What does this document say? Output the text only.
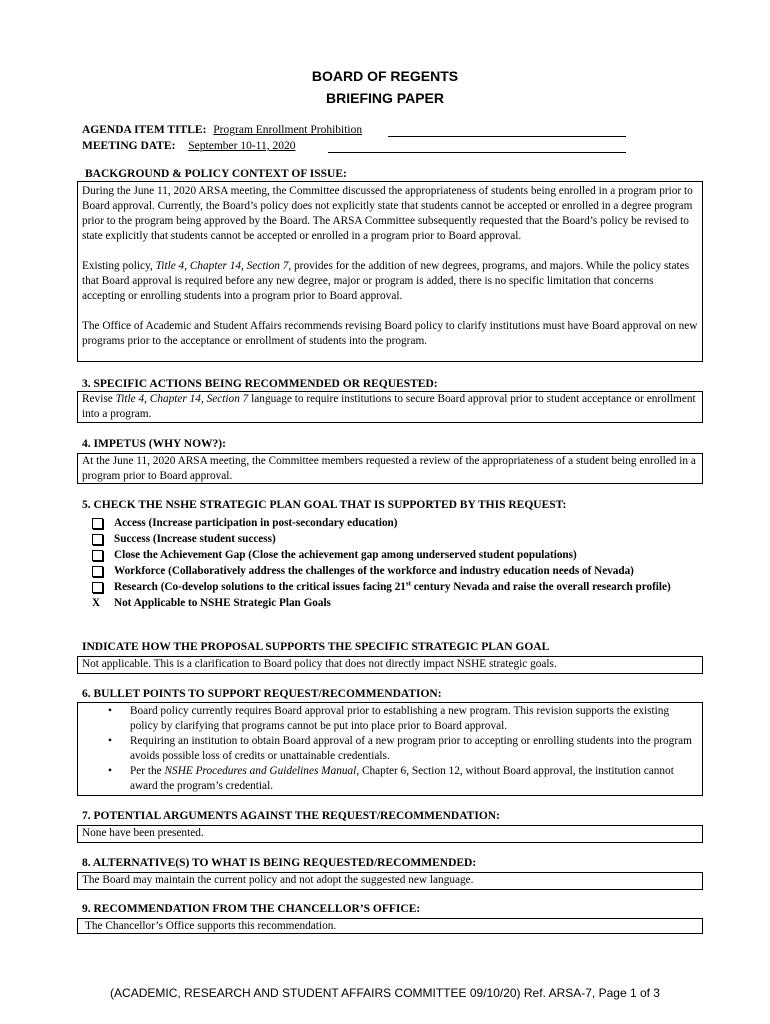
BOARD OF REGENTS
BRIEFING PAPER
AGENDA ITEM TITLE: Program Enrollment Prohibition
MEETING DATE: September 10-11, 2020
BACKGROUND & POLICY CONTEXT OF ISSUE:

During the June 11, 2020 ARSA meeting, the Committee discussed the appropriateness of students being enrolled in a program prior to Board approval. Currently, the Board’s policy does not explicitly state that students cannot be accepted or enrolled in a degree program prior to the program being approved by the Board. The ARSA Committee subsequently requested that the Board’s policy be revised to state explicitly that students cannot be accepted or enrolled in a program prior to Board approval.

Existing policy, Title 4, Chapter 14, Section 7, provides for the addition of new degrees, programs, and majors. While the policy states that Board approval is required before any new degree, major or program is added, there is no specific limitation that concerns accepting or enrolling students into a program prior to Board approval.

The Office of Academic and Student Affairs recommends revising Board policy to clarify institutions must have Board approval on new programs prior to the acceptance or enrollment of students into the program.

3. SPECIFIC ACTIONS BEING RECOMMENDED OR REQUESTED:

Revise Title 4, Chapter 14, Section 7 language to require institutions to secure Board approval prior to student acceptance or enrollment into a program.

4. IMPETUS (WHY NOW?):

At the June 11, 2020 ARSA meeting, the Committee members requested a review of the appropriateness of a student being enrolled in a program prior to Board approval.

5. CHECK THE NSHE STRATEGIC PLAN GOAL THAT IS SUPPORTED BY THIS REQUEST:
Access (Increase participation in post-secondary education)
Success (Increase student success)
Close the Achievement Gap (Close the achievement gap among underserved student populations)
Workforce (Collaboratively address the challenges of the workforce and industry education needs of Nevada)
Research (Co-develop solutions to the critical issues facing 21st century Nevada and raise the overall research profile)
X	Not Applicable to NSHE Strategic Plan Goals
INDICATE HOW THE PROPOSAL SUPPORTS THE SPECIFIC STRATEGIC PLAN GOAL

Not applicable. This is a clarification to Board policy that does not directly impact NSHE strategic goals.

6. BULLET POINTS TO SUPPORT REQUEST/RECOMMENDATION:
• Board policy currently requires Board approval prior to establishing a new program. This revision supports the existing policy by clarifying that programs cannot be put into place prior to Board approval.
• Requiring an institution to obtain Board approval of a new program prior to accepting or enrolling students into the program avoids possible loss of credits or unattainable credentials.
• Per the NSHE Procedures and Guidelines Manual, Chapter 6, Section 12, without Board approval, the institution cannot award the program’s credential.
7. POTENTIAL ARGUMENTS AGAINST THE REQUEST/RECOMMENDATION:

None have been presented.

8. ALTERNATIVE(S) TO WHAT IS BEING REQUESTED/RECOMMENDED:

The Board may maintain the current policy and not adopt the suggested new language.

9. RECOMMENDATION FROM THE CHANCELLOR’S OFFICE:

The Chancellor’s Office supports this recommendation.

(ACADEMIC, RESEARCH AND STUDENT AFFAIRS COMMITTEE 09/10/20) Ref. ARSA-7, Page 1 of 3
